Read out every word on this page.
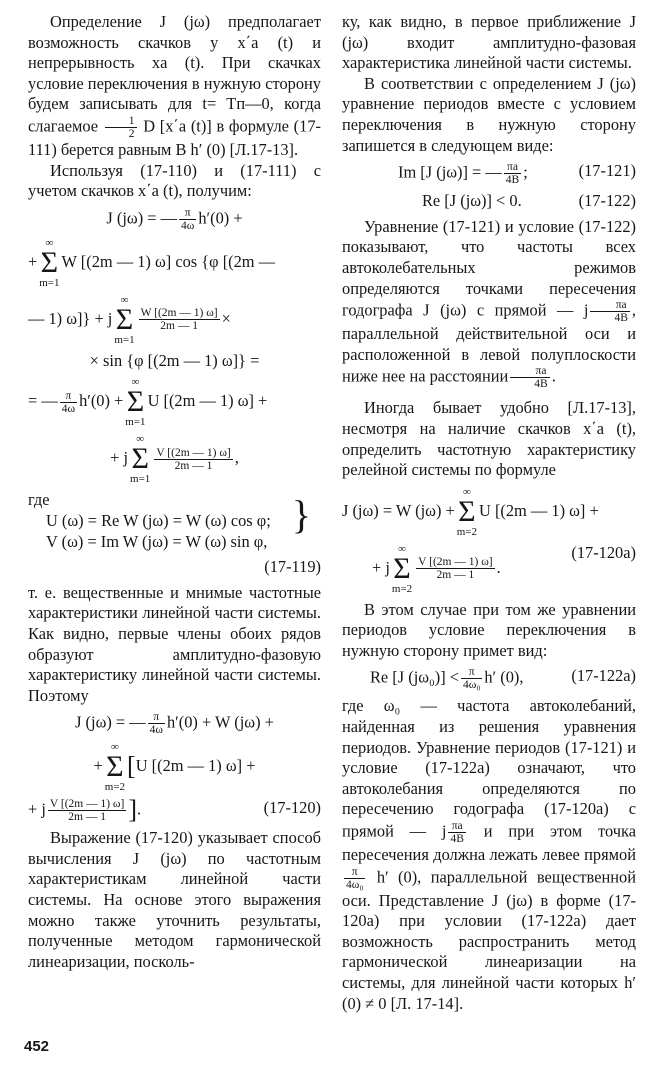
Определение J (jω) предполагает возможность скачков у x΄а (t) и непрерывность xа (t). При скачках условие переключения в нужную сторону будем записывать для t= Tп—0, когда слагаемое $\frac{1}{2}$ D [x΄а (t)] в формуле (17-111) берется равным B h′ (0) [Л.17-13].

Используя (17-110) и (17-111) с учетом скачков x΄а (t), получим:

J (jω) = — $\frac{\pi}{4\omega} h'(0)$ +
+
∞
Σ
m=1
W [(2m — 1) ω] cos {φ [(2m —
— 1) ω]} + j
∞
Σ
m=1
$\frac{W [(2m — 1) \omega]}{2m — 1}$ ×
× sin {φ [(2m — 1) ω]} =
= — $\frac{\pi}{4\omega} h'(0)$ +
∞
Σ
m=1
U [(2m — 1) ω] +
+ j
∞
Σ
m=1
$\frac{V [(2m — 1) \omega]}{2m — 1}$ ,

где

U (ω) = Re W (jω) = W (ω) cos φ;
V (ω) = Im W (jω) = W (ω) sin φ,
}
(17-119)

т. е. вещественные и мнимые частотные характеристики линейной части системы. Как видно, первые члены обоих рядов образуют амплитудно-фазовую характеристику линейной части системы. Поэтому

J (jω) = — $\frac{\pi}{4\omega} h'(0) + W$ (jω) +
+
∞
Σ
m=2
[U [(2m — 1) ω] +
+ j $\frac{V [(2m — 1) \omega]}{2m — 1}$ ].	(17-120)

Выражение (17-120) указывает способ вычисления J (jω) по частотным характеристикам линейной части системы. На основе этого выражения можно также уточнить результаты, полученные методом гармонической линеаризации, посколь-

ку, как видно, в первое приближение J (jω) входит амплитудно-фазовая характеристика линейной части системы.

В соответствии с определением J (jω) уравнение периодов вместе с условием переключения в нужную сторону запишется в следующем виде:

Im [J (jω)] = — $\frac{\pi a}{4B}$ ;	(17-121)
Re [J (jω)] < 0.	(17-122)

Уравнение (17-121) и условие (17-122) показывают, что частоты всех автоколебательных режимов определяются точками пересечения годографа J (jω) с прямой — j $\frac{\pi a}{4B}$ , параллельной действительной оси и расположенной в левой полуплоскости ниже нее на расстоянии $\frac{\pi a}{4B}$ .

Иногда бывает удобно [Л.17-13], несмотря на наличие скачков x΄а (t), определить частотную характеристику релейной системы по формуле

J (jω) = W (jω) +
∞
Σ
m=2
U [(2m — 1) ω] +
+ j
∞
Σ
m=2
$\frac{V [(2m — 1) \omega]}{2m — 1}$ .
(17-120а)

В этом случае при том же уравнении периодов условие переключения в нужную сторону примет вид:

Re [J $(j\omega_0)] < \frac{\pi}{\text{4ω₀}} h'$ (0),	(17-122а)

где ω₀ — частота автоколебаний, найденная из решения уравнения периодов. Уравнение периодов (17-121) и условие (17-122а) означают, что автоколебания определяются по пересечению годографа (17-120а) с прямой — j $\frac{\pi a}{4B}$ и при этом точка пересечения должна лежать левее прямой
$\frac{\pi}{\text{4ω₀}} h'$ (0), параллельной вещественной оси. Представление J (jω) в форме (17-120а) при условии (17-122а) дает возможность распространить метод гармонической линеаризации на системы, для линейной части которых h′ (0) ≠ 0 [Л. 17-14].

452
